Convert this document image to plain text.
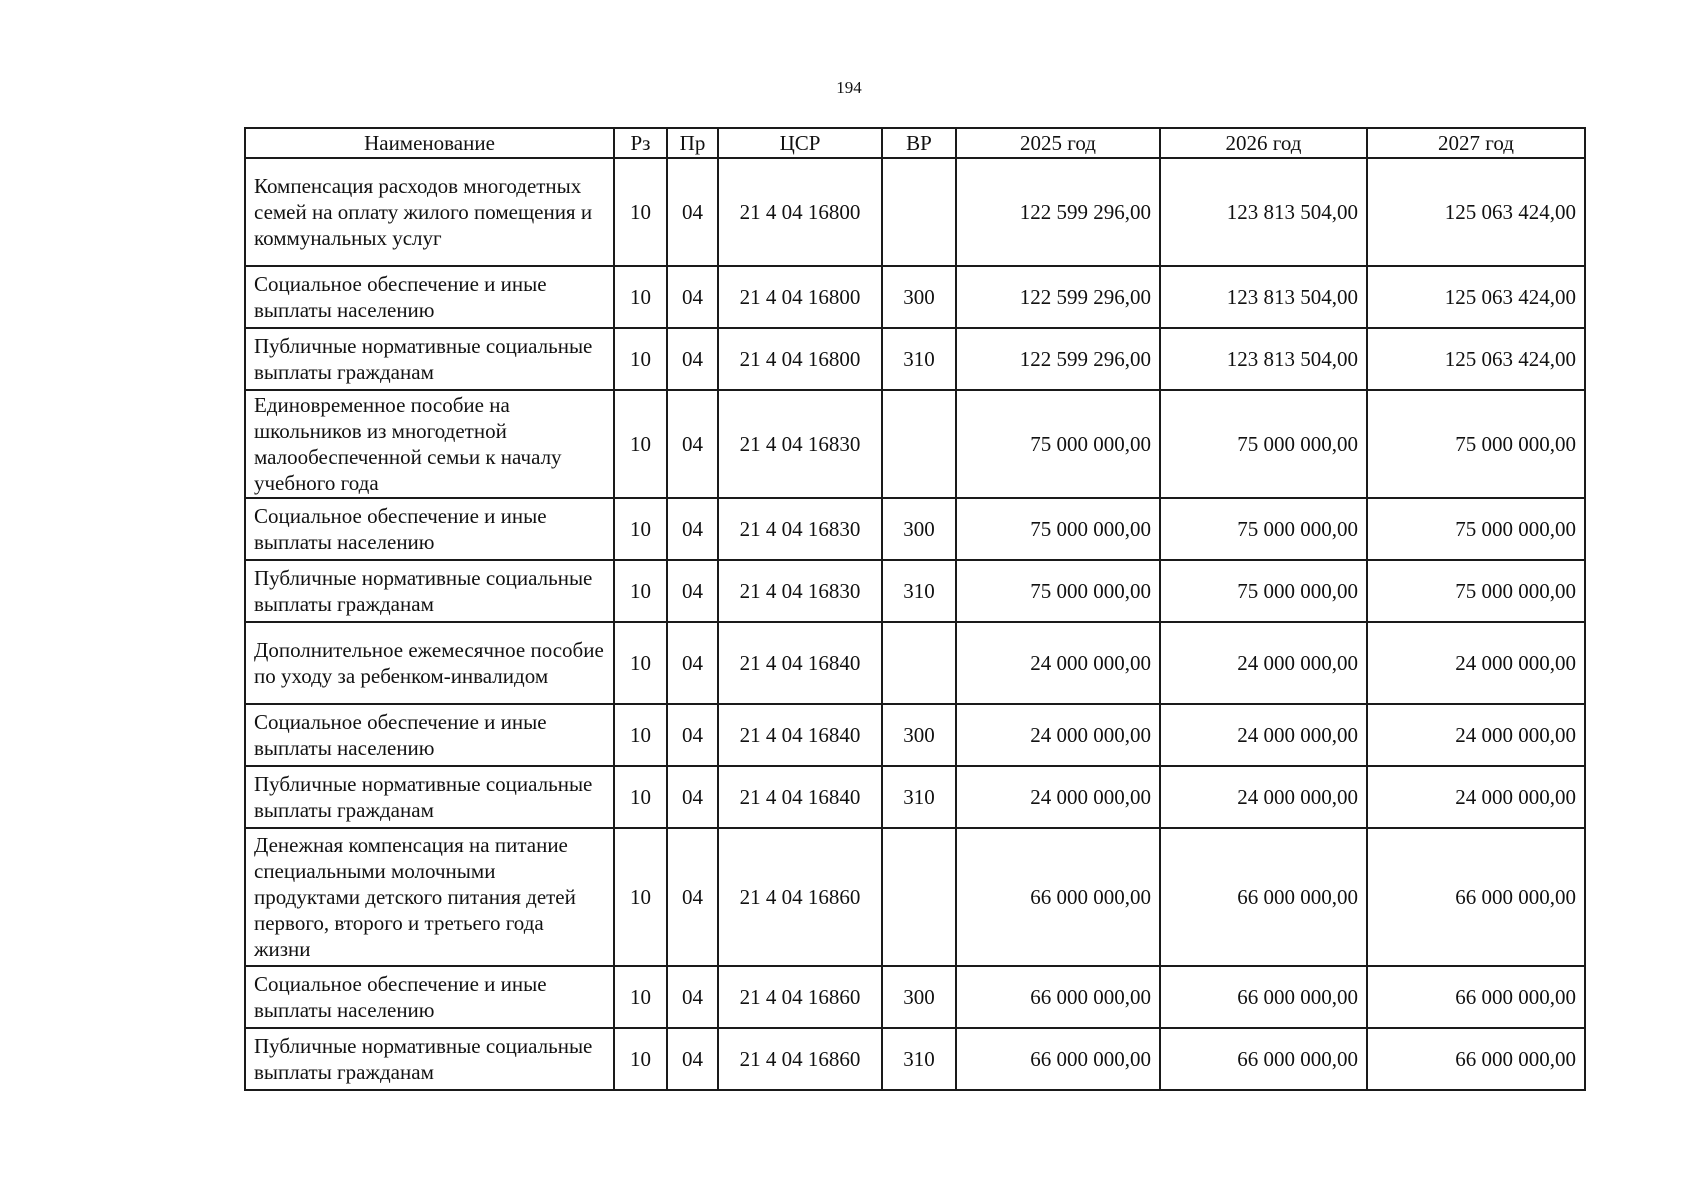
194
Наименование	Рз	Пр	ЦСР	ВР	2025 год	2026 год	2027 год
Компенсация расходов многодетных семей на оплату жилого помещения и коммунальных услуг	10	04	21 4 04 16800		122 599 296,00	123 813 504,00	125 063 424,00
Социальное обеспечение и иные выплаты населению	10	04	21 4 04 16800	300	122 599 296,00	123 813 504,00	125 063 424,00
Публичные нормативные социальные выплаты гражданам	10	04	21 4 04 16800	310	122 599 296,00	123 813 504,00	125 063 424,00
Единовременное пособие на школьников из многодетной малообеспеченной семьи к началу учебного года	10	04	21 4 04 16830		75 000 000,00	75 000 000,00	75 000 000,00
Социальное обеспечение и иные выплаты населению	10	04	21 4 04 16830	300	75 000 000,00	75 000 000,00	75 000 000,00
Публичные нормативные социальные выплаты гражданам	10	04	21 4 04 16830	310	75 000 000,00	75 000 000,00	75 000 000,00
Дополнительное ежемесячное пособие по уходу за ребенком-инвалидом	10	04	21 4 04 16840		24 000 000,00	24 000 000,00	24 000 000,00
Социальное обеспечение и иные выплаты населению	10	04	21 4 04 16840	300	24 000 000,00	24 000 000,00	24 000 000,00
Публичные нормативные социальные выплаты гражданам	10	04	21 4 04 16840	310	24 000 000,00	24 000 000,00	24 000 000,00
Денежная компенсация на питание специальными молочными продуктами детского питания детей первого, второго и третьего года жизни	10	04	21 4 04 16860		66 000 000,00	66 000 000,00	66 000 000,00
Социальное обеспечение и иные выплаты населению	10	04	21 4 04 16860	300	66 000 000,00	66 000 000,00	66 000 000,00
Публичные нормативные социальные выплаты гражданам	10	04	21 4 04 16860	310	66 000 000,00	66 000 000,00	66 000 000,00
